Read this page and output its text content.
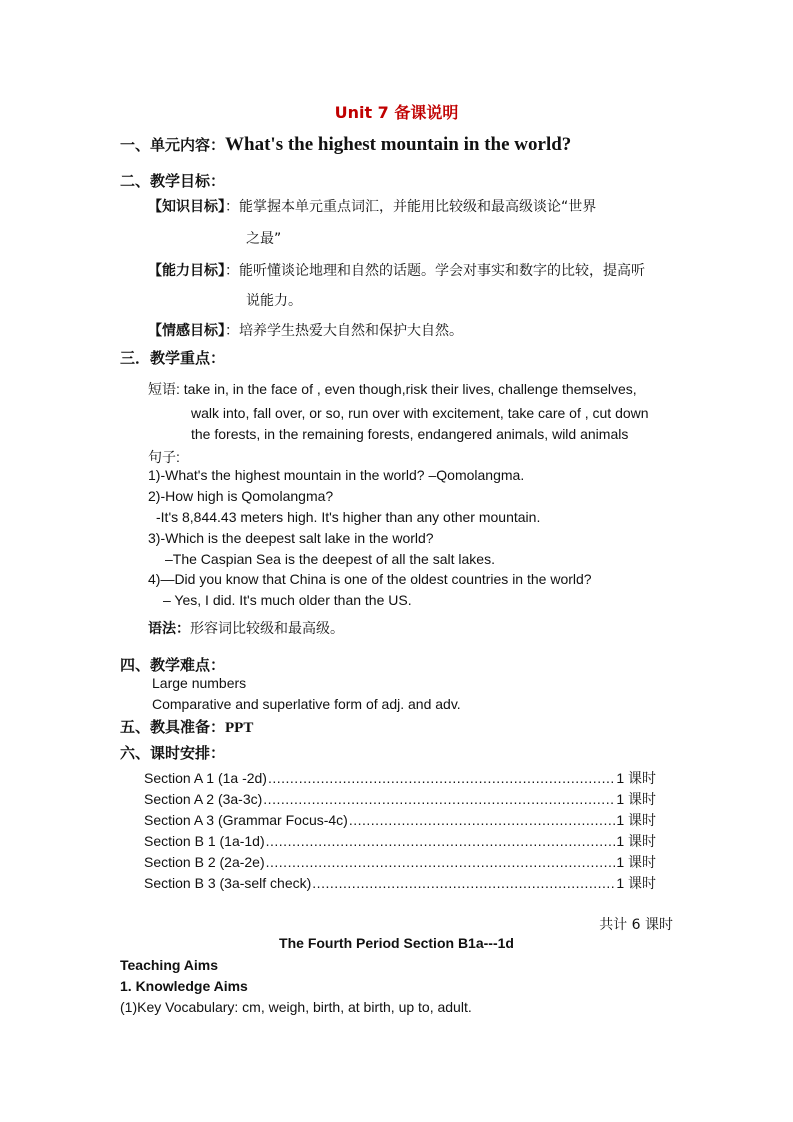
Unit 7 备课说明
一、单元内容：What's the highest mountain in the world?
二、教学目标：
【知识目标】：能掌握本单元重点词汇，并能用比较级和最高级谈论“世界
之最”
【能力目标】：能听懂谈论地理和自然的话题。学会对事实和数字的比较，提高听
说能力。
【情感目标】：培养学生热爱大自然和保护大自然。
三．教学重点：
短语: take in, in the face of , even though,risk their lives, challenge themselves,
walk into, fall over, or so, run over with excitement, take care of , cut down
the forests, in the remaining forests, endangered animals, wild animals
句子:
1)-What's the highest mountain in the world? –Qomolangma.
2)-How high is Qomolangma?
-It's 8,844.43 meters high. It's higher than any other mountain.
3)-Which is the deepest salt lake in the world?
–The Caspian Sea is the deepest of all the salt lakes.
4)—Did you know that China is one of the oldest countries in the world?
– Yes, I did. It's much older than the US.
语法：形容词比较级和最高级。
四、教学难点：
Large numbers
Comparative and superlative form of adj. and adv.
五、教具准备：PPT
六、课时安排：
Section A 1 (1a -2d) .....	1 课时
Section A 2 (3a-3c) .....	1 课时
Section A 3 (Grammar Focus-4c) .....	1 课时
Section B 1 (1a-1d) .....	1 课时
Section B 2 (2a-2e) .....	1 课时
Section B 3 (3a-self check) .....	1 课时
共计 6 课时
The Fourth Period Section B1a---1d
Teaching Aims
1. Knowledge Aims
(1)Key Vocabulary: cm, weigh, birth, at birth, up to, adult.
